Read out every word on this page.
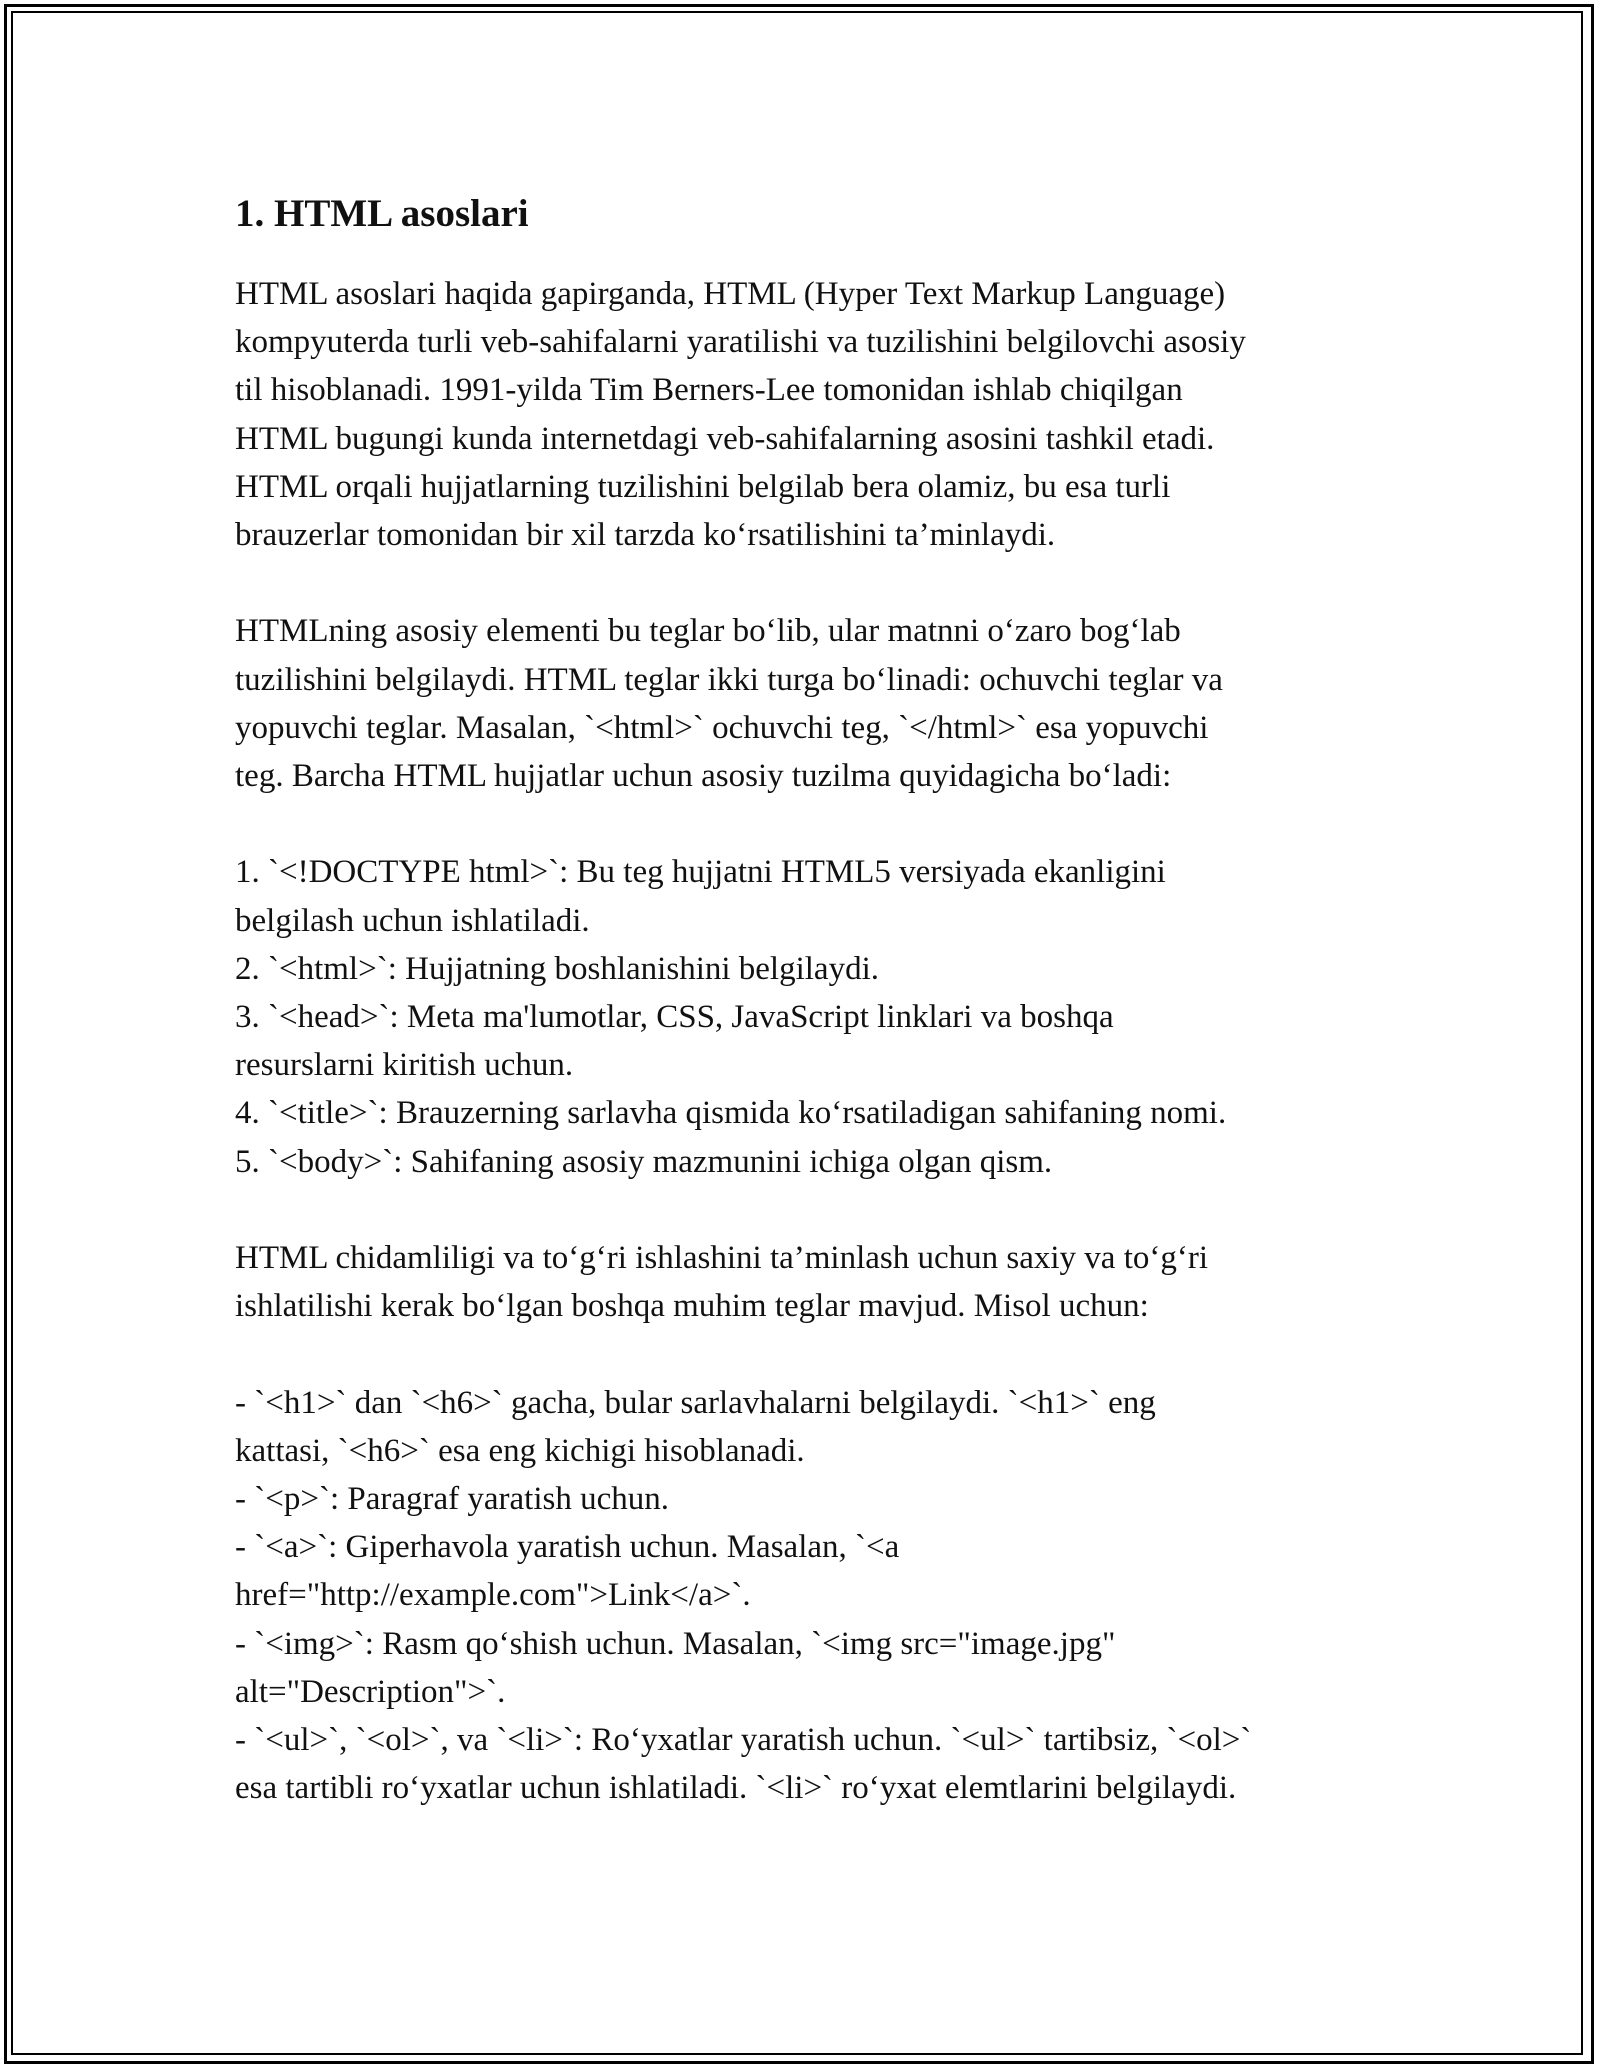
1. HTML asoslari

HTML asoslari haqida gapirganda, HTML (Hyper Text Markup Language)

kompyuterda turli veb-sahifalarni yaratilishi va tuzilishini belgilovchi asosiy

til hisoblanadi. 1991-yilda Tim Berners-Lee tomonidan ishlab chiqilgan

HTML bugungi kunda internetdagi veb-sahifalarning asosini tashkil etadi.

HTML orqali hujjatlarning tuzilishini belgilab bera olamiz, bu esa turli

brauzerlar tomonidan bir xil tarzda ko‘rsatilishini ta’minlaydi.

HTMLning asosiy elementi bu teglar bo‘lib, ular matnni o‘zaro bog‘lab

tuzilishini belgilaydi. HTML teglar ikki turga bo‘linadi: ochuvchi teglar va

yopuvchi teglar. Masalan, `<html>` ochuvchi teg, `</html>` esa yopuvchi

teg. Barcha HTML hujjatlar uchun asosiy tuzilma quyidagicha bo‘ladi:

1. `<!DOCTYPE html>`: Bu teg hujjatni HTML5 versiyada ekanligini

belgilash uchun ishlatiladi.

2. `<html>`: Hujjatning boshlanishini belgilaydi.

3. `<head>`: Meta ma'lumotlar, CSS, JavaScript linklari va boshqa

resurslarni kiritish uchun.

4. `<title>`: Brauzerning sarlavha qismida ko‘rsatiladigan sahifaning nomi.

5. `<body>`: Sahifaning asosiy mazmunini ichiga olgan qism.

HTML chidamliligi va to‘g‘ri ishlashini ta’minlash uchun saxiy va to‘g‘ri

ishlatilishi kerak bo‘lgan boshqa muhim teglar mavjud. Misol uchun:

- `<h1>` dan `<h6>` gacha, bular sarlavhalarni belgilaydi. `<h1>` eng

kattasi, `<h6>` esa eng kichigi hisoblanadi.

- `<p>`: Paragraf yaratish uchun.

- `<a>`: Giperhavola yaratish uchun. Masalan, `<a

href="http://example.com">Link</a>`.

- `<img>`: Rasm qo‘shish uchun. Masalan, `<img src="image.jpg"

alt="Description">`.

- `<ul>`, `<ol>`, va `<li>`: Ro‘yxatlar yaratish uchun. `<ul>` tartibsiz, `<ol>`

esa tartibli ro‘yxatlar uchun ishlatiladi. `<li>` ro‘yxat elemtlarini belgilaydi.
